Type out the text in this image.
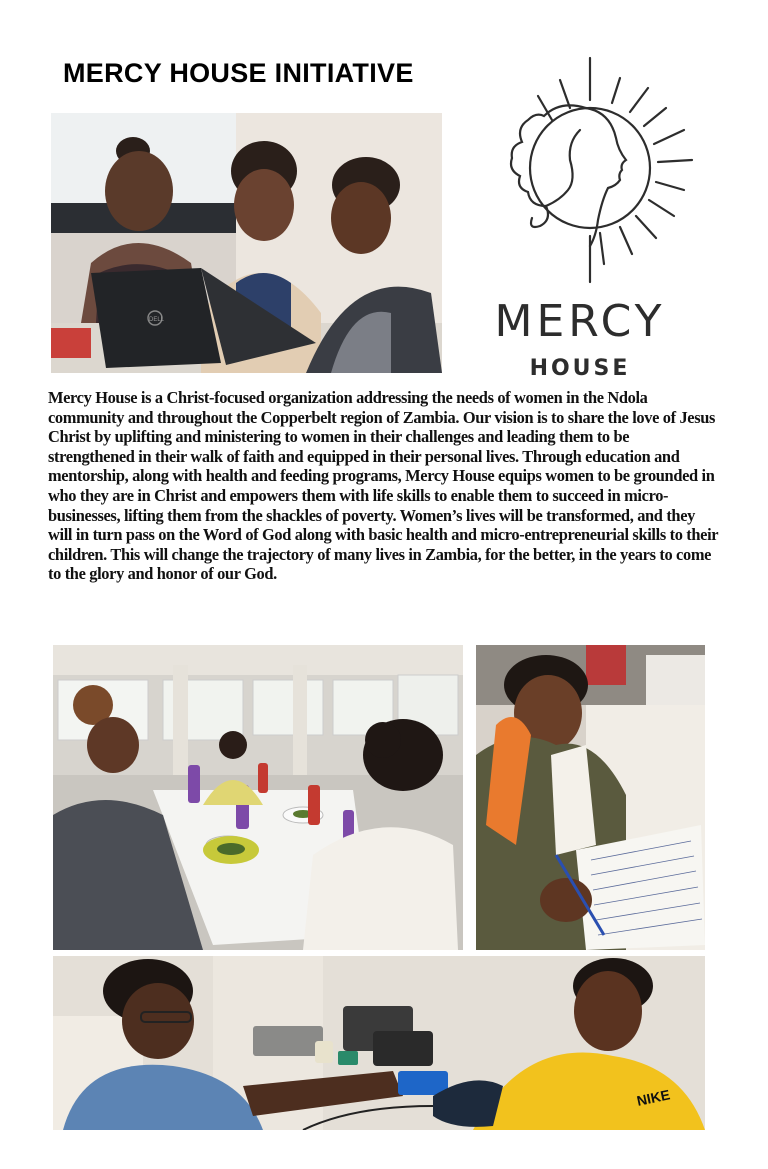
MERCY HOUSE INITIATIVE
DELL	MERCY
HOUSE

Mercy House is a Christ-focused organization addressing the needs of women in the Ndola community and throughout the Copperbelt region of Zambia. Our vision is to share the love of Jesus Christ by uplifting and ministering to women in their challenges and leading them to be strengthened in their walk of faith and equipped in their personal lives. Through education and mentorship, along with health and feeding programs, Mercy House equips women to be grounded in who they are in Christ and empowers them with life skills to enable them to succeed in micro-businesses, lifting them from the shackles of poverty. Women’s lives will be transformed, and they will in turn pass on the Word of God along with basic health and micro-entrepreneurial skills to their children. This will change the trajectory of many lives in Zambia, for the better, in the years to come to the glory and honor of our God.

NIKE
